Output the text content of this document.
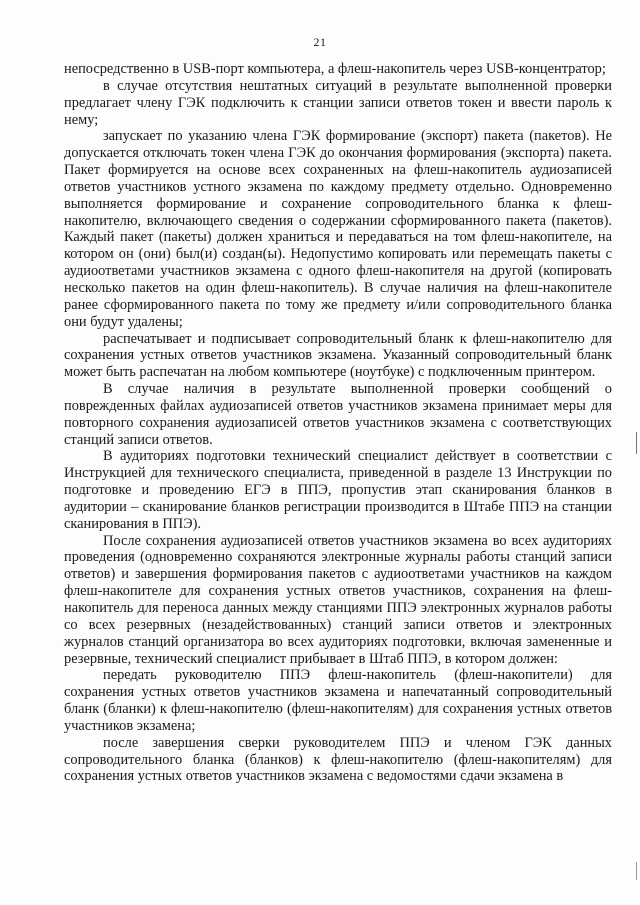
21

непосредственно в USB-порт компьютера, а флеш-накопитель через USB-концентратор;

в случае отсутствия нештатных ситуаций в результате выполненной проверки предлагает члену ГЭК подключить к станции записи ответов токен и ввести пароль к нему;

запускает по указанию члена ГЭК формирование (экспорт) пакета (пакетов). Не допускается отключать токен члена ГЭК до окончания формирования (экспорта) пакета. Пакет формируется на основе всех сохраненных на флеш-накопитель аудиозаписей ответов участников устного экзамена по каждому предмету отдельно. Одновременно выполняется формирование и сохранение сопроводительного бланка к флеш-накопителю, включающего сведения о содержании сформированного пакета (пакетов). Каждый пакет (пакеты) должен храниться и передаваться на том флеш-накопителе, на котором он (они) был(и) создан(ы). Недопустимо копировать или перемещать пакеты с аудиоответами участников экзамена с одного флеш-накопителя на другой (копировать несколько пакетов на один флеш-накопитель). В случае наличия на флеш-накопителе ранее сформированного пакета по тому же предмету и/или сопроводительного бланка они будут удалены;

распечатывает и подписывает сопроводительный бланк к флеш-накопителю для сохранения устных ответов участников экзамена. Указанный сопроводительный бланк может быть распечатан на любом компьютере (ноутбуке) с подключенным принтером.

В случае наличия в результате выполненной проверки сообщений о поврежденных файлах аудиозаписей ответов участников экзамена принимает меры для повторного сохранения аудиозаписей ответов участников экзамена с соответствующих станций записи ответов.

В аудиториях подготовки технический специалист действует в соответствии с Инструкцией для технического специалиста, приведенной в разделе 13 Инструкции по подготовке и проведению ЕГЭ в ППЭ, пропустив этап сканирования бланков в аудитории – сканирование бланков регистрации производится в Штабе ППЭ на станции сканирования в ППЭ).

После сохранения аудиозаписей ответов участников экзамена во всех аудиториях проведения (одновременно сохраняются электронные журналы работы станций записи ответов) и завершения формирования пакетов с аудиоответами участников на каждом флеш-накопителе для сохранения устных ответов участников, сохранения на флеш-накопитель для переноса данных между станциями ППЭ электронных журналов работы со всех резервных (незадействованных) станций записи ответов и электронных журналов станций организатора во всех аудиториях подготовки, включая замененные и резервные, технический специалист прибывает в Штаб ППЭ, в котором должен:

передать руководителю ППЭ флеш-накопитель (флеш-накопители) для сохранения устных ответов участников экзамена и напечатанный сопроводительный бланк (бланки) к флеш-накопителю (флеш-накопителям) для сохранения устных ответов участников экзамена;

после завершения сверки руководителем ППЭ и членом ГЭК данных сопроводительного бланка (бланков) к флеш-накопителю (флеш-накопителям) для сохранения устных ответов участников экзамена с ведомостями сдачи экзамена в
